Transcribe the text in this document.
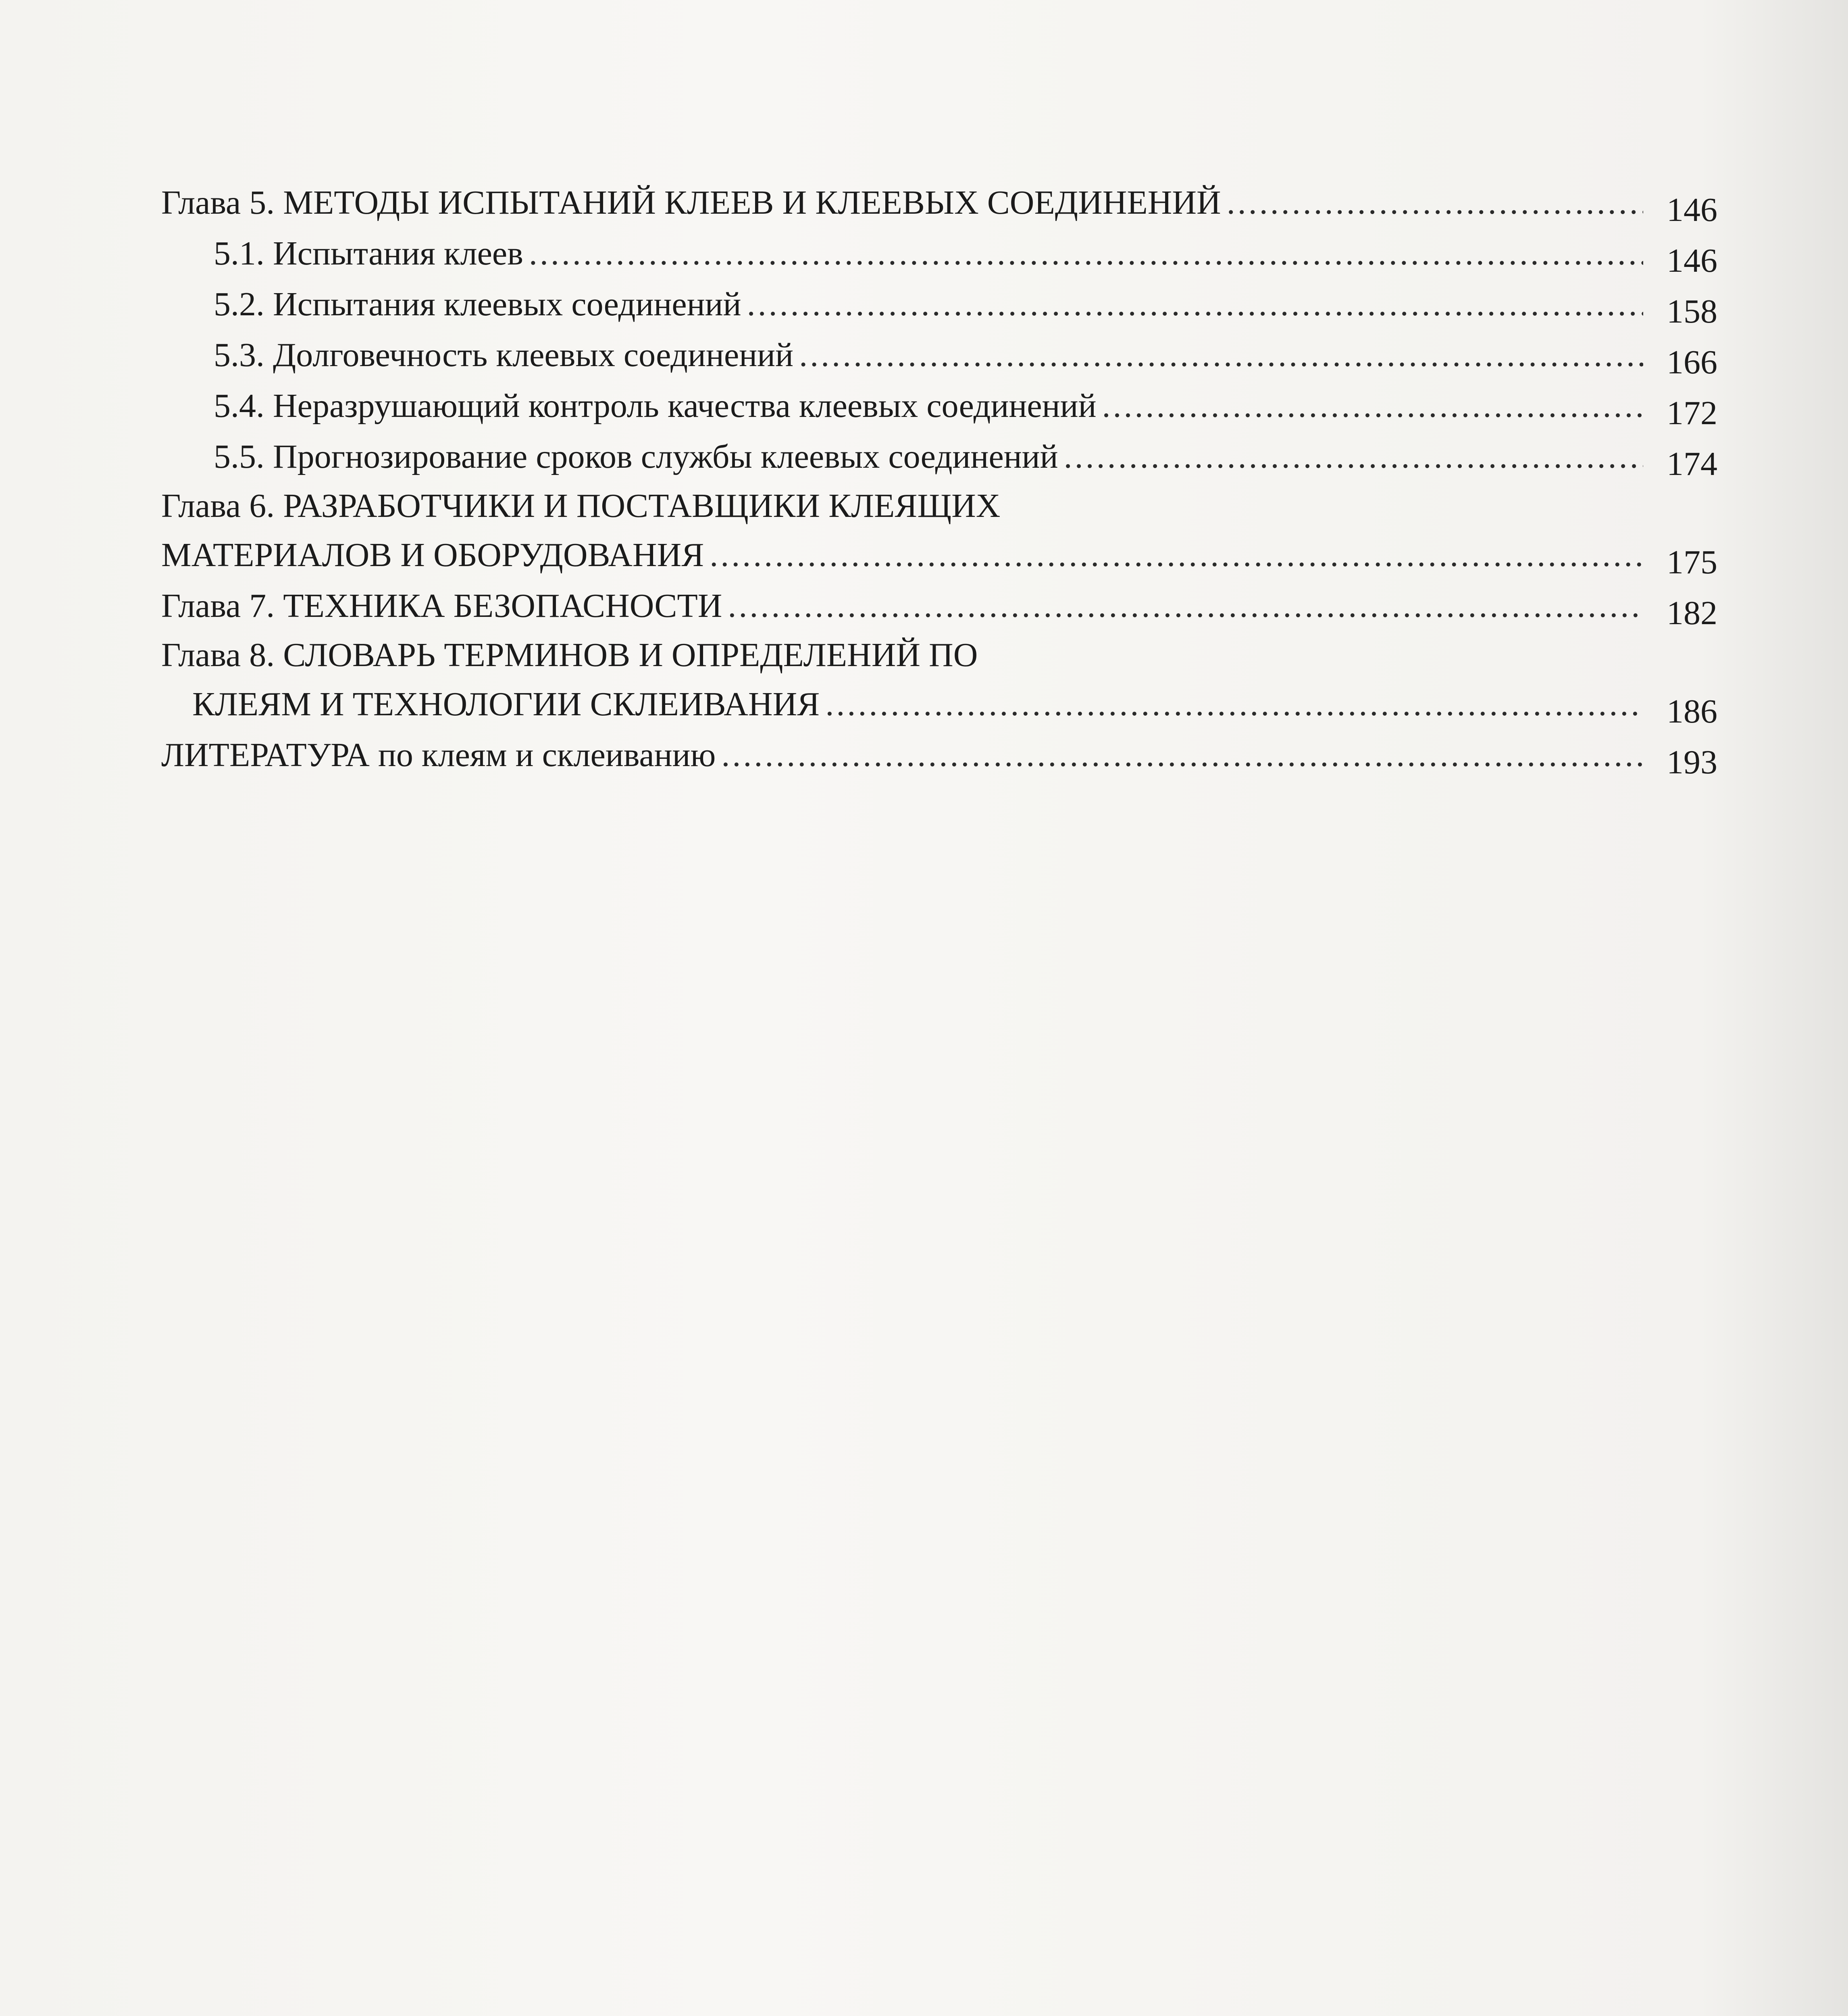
Глава 5. МЕТОДЫ ИСПЫТАНИЙ КЛЕЕВ И КЛЕЕВЫХ СОЕДИНЕНИЙ .....	146
5.1. Испытания клеев .....	146
5.2. Испытания клеевых соединений .....	158
5.3. Долговечность клеевых соединений .....	166
5.4. Неразрушающий контроль качества клеевых соединений .....	172
5.5. Прогнозирование сроков службы клеевых соединений .....	174
Глава 6. РАЗРАБОТЧИКИ И ПОСТАВЩИКИ КЛЕЯЩИХ
МАТЕРИАЛОВ И ОБОРУДОВАНИЯ .....	175
Глава 7. ТЕХНИКА БЕЗОПАСНОСТИ .....	182
Глава 8. СЛОВАРЬ ТЕРМИНОВ И ОПРЕДЕЛЕНИЙ ПО
КЛЕЯМ И ТЕХНОЛОГИИ СКЛЕИВАНИЯ .....	186
ЛИТЕРАТУРА по клеям и склеиванию .....	193
